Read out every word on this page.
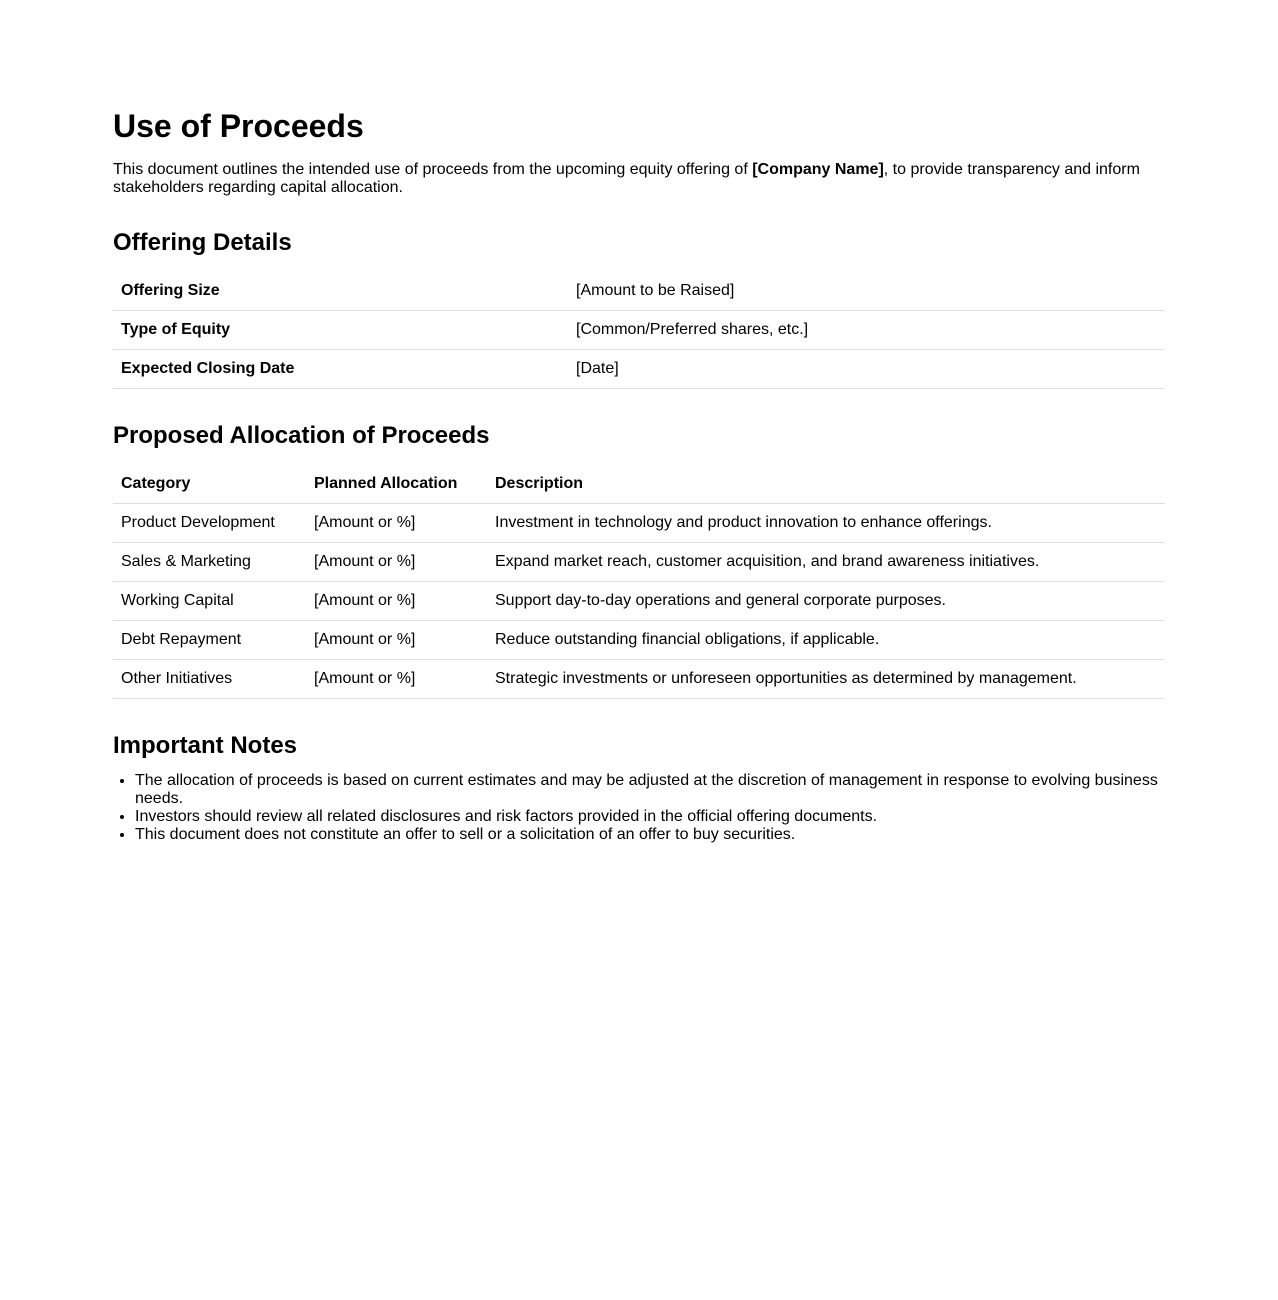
Use of Proceeds

This document outlines the intended use of proceeds from the upcoming equity offering of [Company Name], to provide transparency and inform stakeholders regarding capital allocation.

Offering Details
Offering Size	[Amount to be Raised]
Type of Equity	[Common/Preferred shares, etc.]
Expected Closing Date	[Date]
Proposed Allocation of Proceeds
Category	Planned Allocation	Description
Product Development	[Amount or %]	Investment in technology and product innovation to enhance offerings.
Sales & Marketing	[Amount or %]	Expand market reach, customer acquisition, and brand awareness initiatives.
Working Capital	[Amount or %]	Support day-to-day operations and general corporate purposes.
Debt Repayment	[Amount or %]	Reduce outstanding financial obligations, if applicable.
Other Initiatives	[Amount or %]	Strategic investments or unforeseen opportunities as determined by management.
Important Notes
• The allocation of proceeds is based on current estimates and may be adjusted at the discretion of management in response to evolving business needs.
• Investors should review all related disclosures and risk factors provided in the official offering documents.
• This document does not constitute an offer to sell or a solicitation of an offer to buy securities.
